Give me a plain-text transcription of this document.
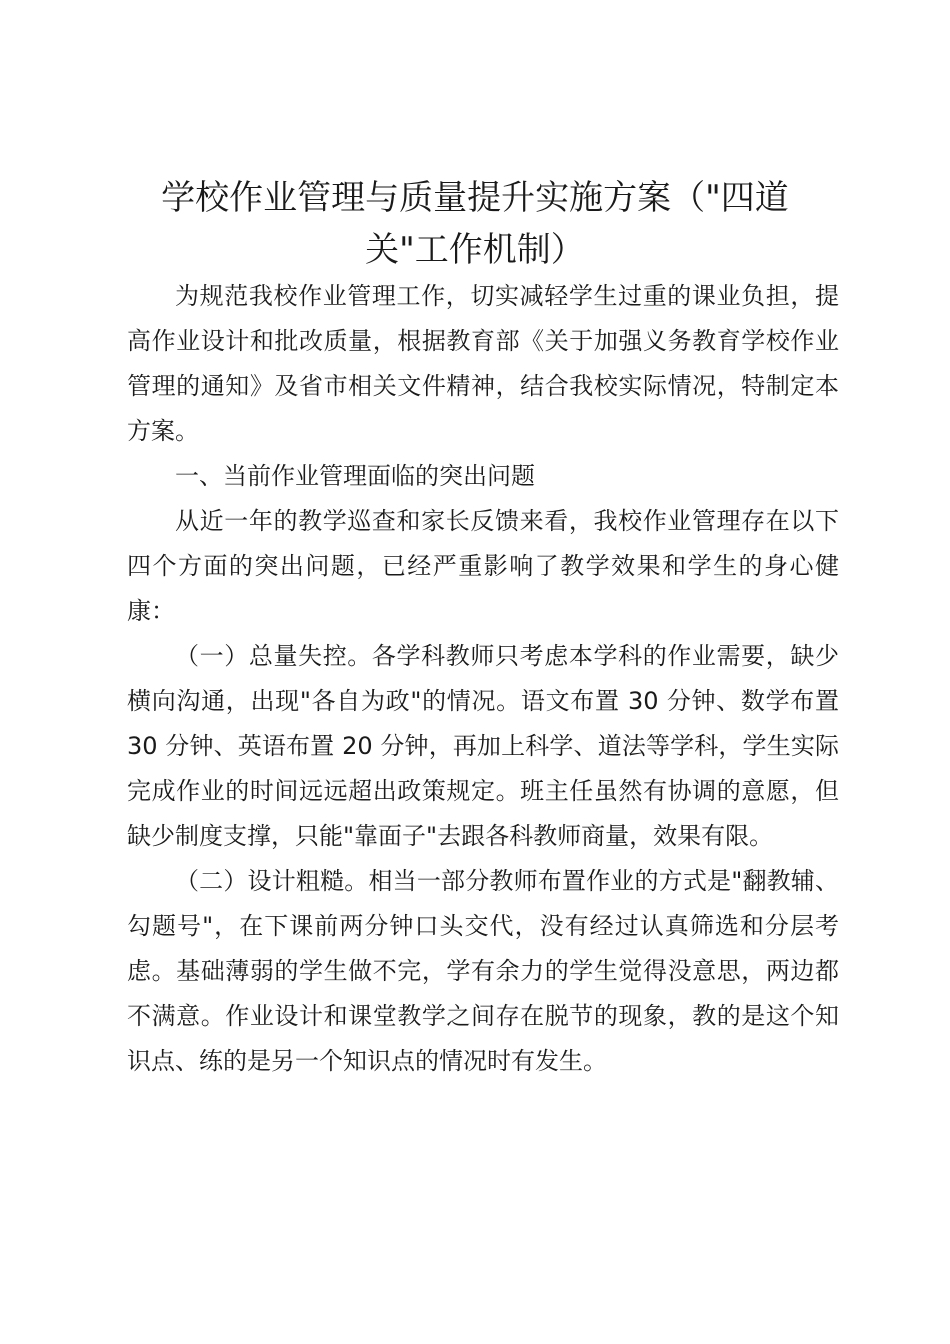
学校作业管理与质量提升实施方案（"四道关"工作机制）

为规范我校作业管理工作，切实减轻学生过重的课业负担，提高作业设计和批改质量，根据教育部《关于加强义务教育学校作业管理的通知》及省市相关文件精神，结合我校实际情况，特制定本方案。

一、当前作业管理面临的突出问题

从近一年的教学巡查和家长反馈来看，我校作业管理存在以下四个方面的突出问题，已经严重影响了教学效果和学生的身心健康：

（一）总量失控。各学科教师只考虑本学科的作业需要，缺少横向沟通，出现"各自为政"的情况。语文布置 30 分钟、数学布置 30 分钟、英语布置 20 分钟，再加上科学、道法等学科，学生实际完成作业的时间远远超出政策规定。班主任虽然有协调的意愿，但缺少制度支撑，只能"靠面子"去跟各科教师商量，效果有限。

（二）设计粗糙。相当一部分教师布置作业的方式是"翻教辅、勾题号"，在下课前两分钟口头交代，没有经过认真筛选和分层考虑。基础薄弱的学生做不完，学有余力的学生觉得没意思，两边都不满意。作业设计和课堂教学之间存在脱节的现象，教的是这个知识点、练的是另一个知识点的情况时有发生。
